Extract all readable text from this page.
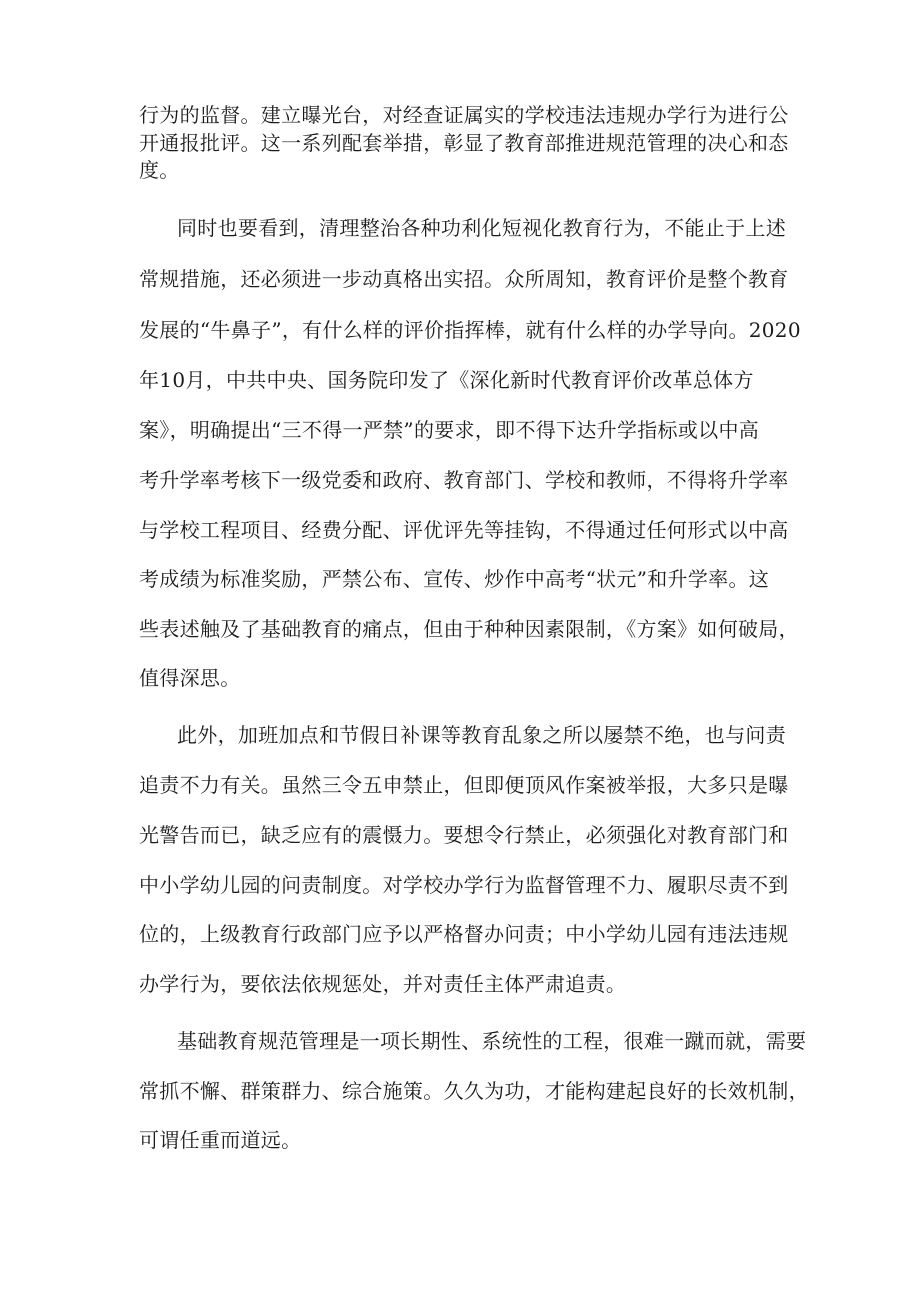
行为的监督。建立曝光台，对经查证属实的学校违法违规办学行为进行公
开通报批评。这一系列配套举措，彰显了教育部推进规范管理的决心和态
度。
同时也要看到，清理整治各种功利化短视化教育行为，不能止于上述
常规措施，还必须进一步动真格出实招。众所周知，教育评价是整个教育
发展的“牛鼻子”，有什么样的评价指挥棒，就有什么样的办学导向。2020
年10月，中共中央、国务院印发了《深化新时代教育评价改革总体方
案》，明确提出“三不得一严禁”的要求，即不得下达升学指标或以中高
考升学率考核下一级党委和政府、教育部门、学校和教师，不得将升学率
与学校工程项目、经费分配、评优评先等挂钩，不得通过任何形式以中高
考成绩为标准奖励，严禁公布、宣传、炒作中高考“状元”和升学率。这
些表述触及了基础教育的痛点，但由于种种因素限制，《方案》如何破局，
值得深思。
此外，加班加点和节假日补课等教育乱象之所以屡禁不绝，也与问责
追责不力有关。虽然三令五申禁止，但即便顶风作案被举报，大多只是曝
光警告而已，缺乏应有的震慑力。要想令行禁止，必须强化对教育部门和
中小学幼儿园的问责制度。对学校办学行为监督管理不力、履职尽责不到
位的，上级教育行政部门应予以严格督办问责；中小学幼儿园有违法违规
办学行为，要依法依规惩处，并对责任主体严肃追责。
基础教育规范管理是一项长期性、系统性的工程，很难一蹴而就，需要
常抓不懈、群策群力、综合施策。久久为功，才能构建起良好的长效机制，
可谓任重而道远。
